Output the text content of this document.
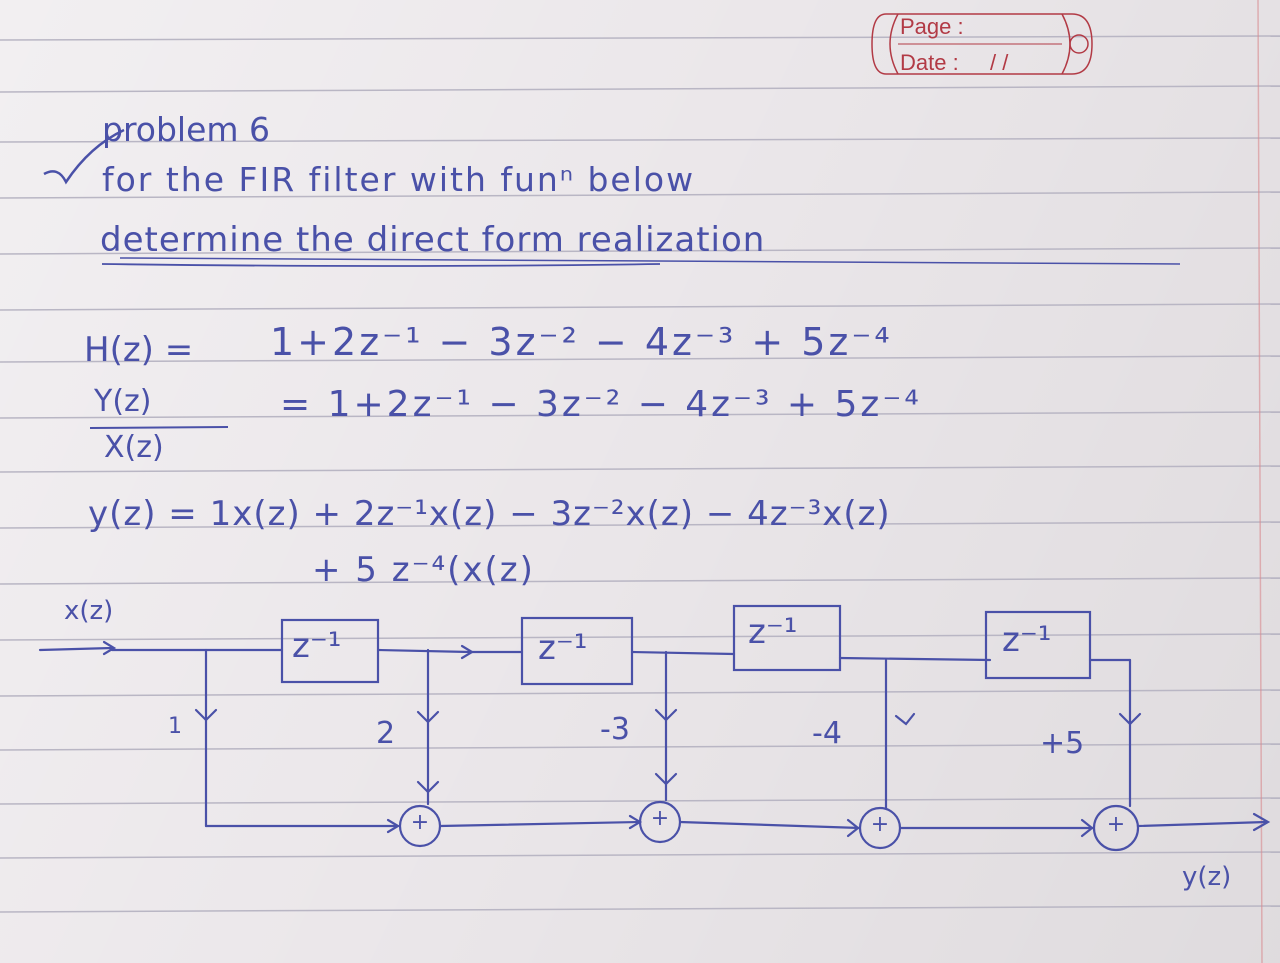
Page :
Date : / /
problem 6
for the FIR filter with funⁿ below
determine the direct form realization
H(z) = 1+2z⁻¹ − 3z⁻² − 4z⁻³ + 5z⁻⁴
Y(z)
X(z)
= 1+2z⁻¹ − 3z⁻² − 4z⁻³ + 5z⁻⁴
y(z) = 1x(z) + 2z⁻¹x(z) − 3z⁻²x(z) − 4z⁻³x(z)
+ 5 z⁻⁴(x(z)
x(z)
z⁻¹	z⁻¹	z⁻¹	z⁻¹
1	2	-3	-4	+5
+	+	+	+
y(z)
